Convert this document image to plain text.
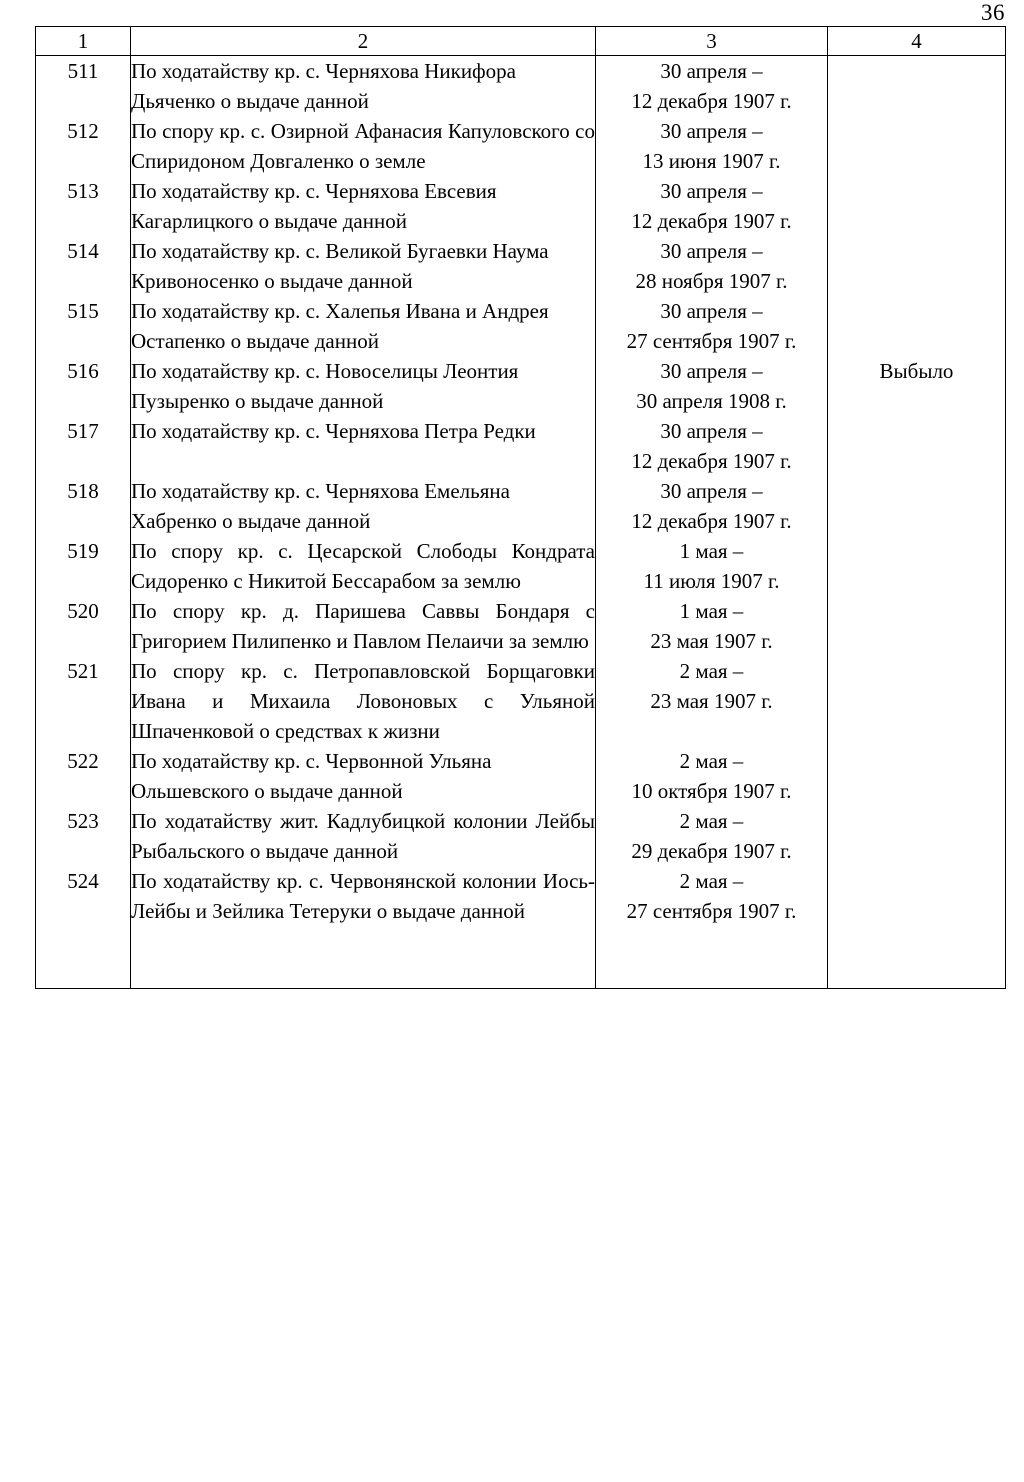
36
1	2	3	4
511	По ходатайству кр. с. Черняхова Никифора Дьяченко о выдаче данной	30 апреля –
12 декабря 1907 г.	

512	По спору кр. с. Озирной Афанасия Капуловского со Спиридоном Довгаленко о земле	30 апреля –
13 июня 1907 г.	

513	По ходатайству кр. с. Черняхова Евсевия Кагарлицкого о выдаче данной	30 апреля –
12 декабря 1907 г.	

514	По ходатайству кр. с. Великой Бугаевки Наума Кривоносенко о выдаче данной	30 апреля –
28 ноября 1907 г.	

515	По ходатайству кр. с. Халепья Ивана и Андрея Остапенко о выдаче данной	30 апреля –
27 сентября 1907 г.	

516	По ходатайству кр. с. Новоселицы Леонтия Пузыренко о выдаче данной	30 апреля –
30 апреля 1908 г.	Выбыло
517	По ходатайству кр. с. Черняхова Петра Редки	30 апреля –
12 декабря 1907 г.	

518	По ходатайству кр. с. Черняхова Емельяна Хабренко о выдаче данной	30 апреля –
12 декабря 1907 г.	

519	По спору кр. с. Цесарской Слободы Кондрата Сидоренко с Никитой Бессарабом за землю	1 мая –
11 июля 1907 г.	

520	По спору кр. д. Паришева Саввы Бондаря с Григорием Пилипенко и Павлом Пелаичи за землю	1 мая –
23 мая 1907 г.	

521	По спору кр. с. Петропавловской Борщаговки Ивана и Михаила Ловоновых с Ульяной Шпаченковой о средствах к жизни	2 мая –
23 мая 1907 г.	

522	По ходатайству кр. с. Червонной Ульяна Ольшевского о выдаче данной	2 мая –
10 октября 1907 г.	

523	По ходатайству жит. Кадлубицкой колонии Лейбы Рыбальского о выдаче данной	2 мая –
29 декабря 1907 г.	

524	По ходатайству кр. с. Червонянской колонии Иось-Лейбы и Зейлика Тетеруки о выдаче данной	2 мая –
27 сентября 1907 г.	
